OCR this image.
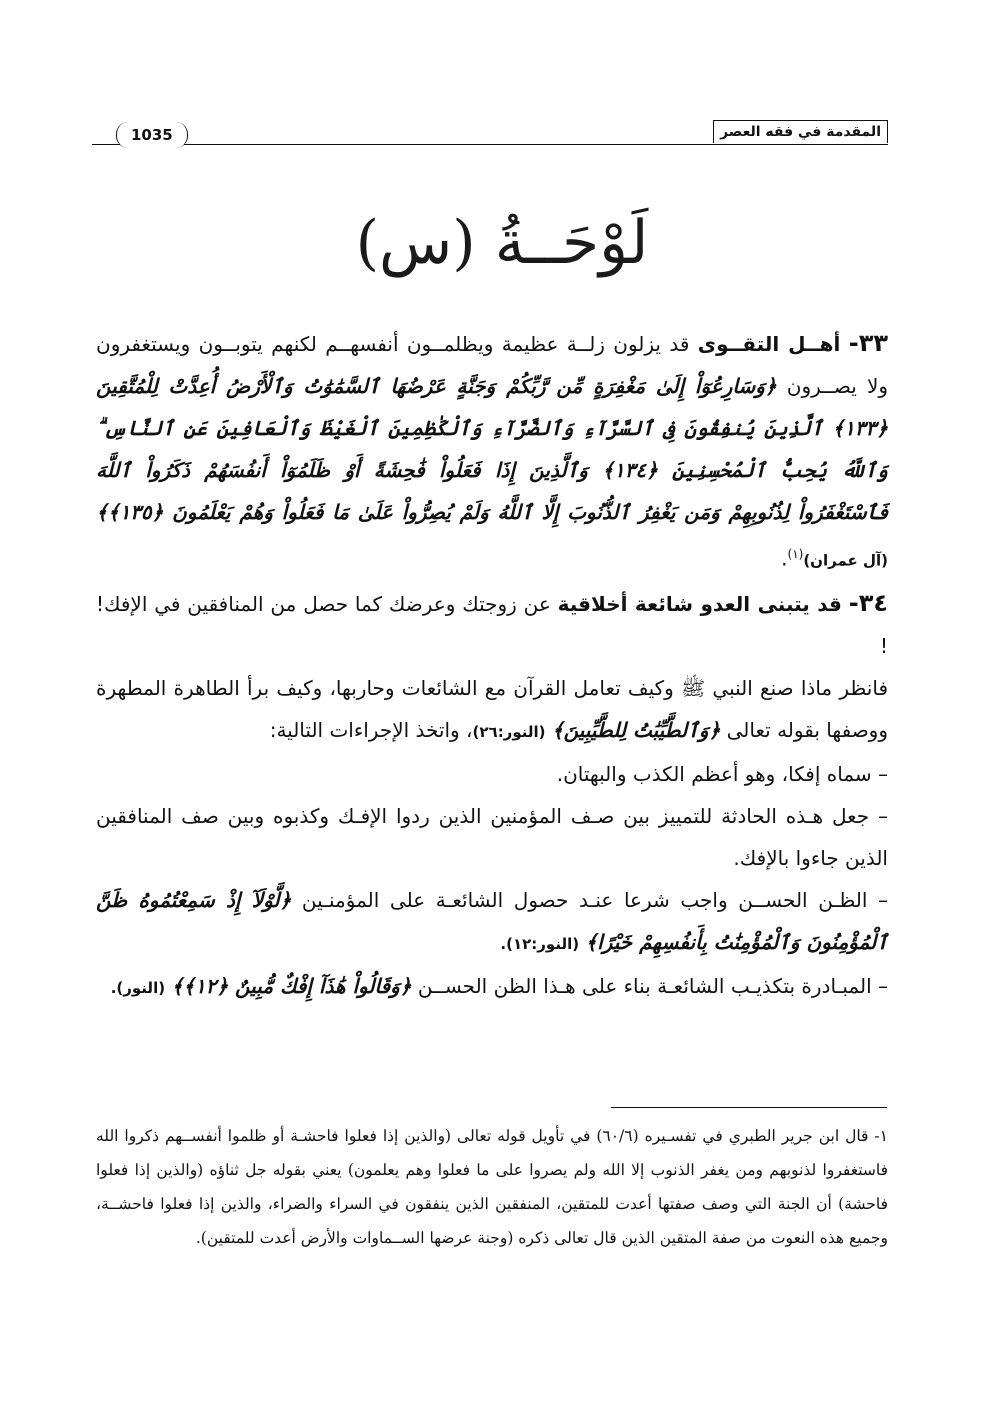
1035	المقدمة في فقه العصر
لَوْحَــةُ (س)

٣٣- أهــل التقــوى قد يزلون زلــة عظيمة ويظلمــون أنفسهــم لكنهم يتوبــون ويستغفرون ولا يصــرون ﴿وَسَارِعُوٓاْ إِلَىٰ مَغْفِرَةٍ مِّن رَّبِّكُمْ وَجَنَّةٍ عَرْضُهَا ٱلسَّمَٰوَٰتُ وَٱلْأَرْضُ أُعِدَّتْ لِلْمُتَّقِينَ ﴿١٣٣﴾ ٱلَّذِينَ يُنفِقُونَ فِى ٱلسَّرَّآءِ وَٱلضَّرَّآءِ وَٱلْكَٰظِمِينَ ٱلْغَيْظَ وَٱلْعَافِينَ عَنِ ٱلنَّاسِ ۗ وَٱللَّهُ يُحِبُّ ٱلْمُحْسِنِينَ ﴿١٣٤﴾ وَٱلَّذِينَ إِذَا فَعَلُواْ فَٰحِشَةً أَوْ ظَلَمُوٓاْ أَنفُسَهُمْ ذَكَرُواْ ٱللَّهَ فَٱسْتَغْفَرُواْ لِذُنُوبِهِمْ وَمَن يَغْفِرُ ٱلذُّنُوبَ إِلَّا ٱللَّهُ وَلَمْ يُصِرُّواْ عَلَىٰ مَا فَعَلُواْ وَهُمْ يَعْلَمُونَ ﴿١٣٥﴾﴾ (آل عمران)$^{(١)}$.

٣٤- قد يتبنى العدو شائعة أخلاقية عن زوجتك وعرضك كما حصل من المنافقين في الإفك! !

فانظر ماذا صنع النبي ﷺ وكيف تعامل القرآن مع الشائعات وحاربها، وكيف برأ الطاهرة المطهرة ووصفها بقوله تعالى ﴿وَٱلطَّيِّبَٰتُ لِلطَّيِّبِينَ﴾ (النور:٢٦)، واتخذ الإجراءات التالية:

– سماه إفكا، وهو أعظم الكذب والبهتان.

– جعل هـذه الحادثة للتمييز بين صـف المؤمنين الذين ردوا الإفـك وكذبوه وبين صف المنافقين الذين جاءوا بالإفك.

– الظـن الحســن واجب شرعا عنـد حصول الشائعـة على المؤمنـين ﴿لَّوْلَآ إِذْ سَمِعْتُمُوهُ ظَنَّ ٱلْمُؤْمِنُونَ وَٱلْمُؤْمِنَٰتُ بِأَنفُسِهِمْ خَيْرًا﴾ (النور:١٢).

– المبـادرة بتكذيـب الشائعـة بناء على هـذا الظن الحســن ﴿وَقَالُواْ هَٰذَآ إِفْكٌ مُّبِينٌ ﴿١٢﴾﴾ (النور).

١- قال ابن جرير الطبري في تفسـيره (٦٠/٦) في تأويل قوله تعالى (والذين إذا فعلوا فاحشـة أو ظلموا أنفســهم ذكروا الله فاستغفروا لذنوبهم ومن يغفر الذنوب إلا الله ولم يصروا على ما فعلوا وهم يعلمون) يعني بقوله جل ثناؤه (والذين إذا فعلوا فاحشة) أن الجنة التي وصف صفتها أعدت للمتقين، المنفقين الذين ينفقون في السراء والضراء، والذين إذا فعلوا فاحشــة، وجميع هذه النعوت من صفة المتقين الذين قال تعالى ذكره (وجنة عرضها الســماوات والأرض أعدت للمتقين).
